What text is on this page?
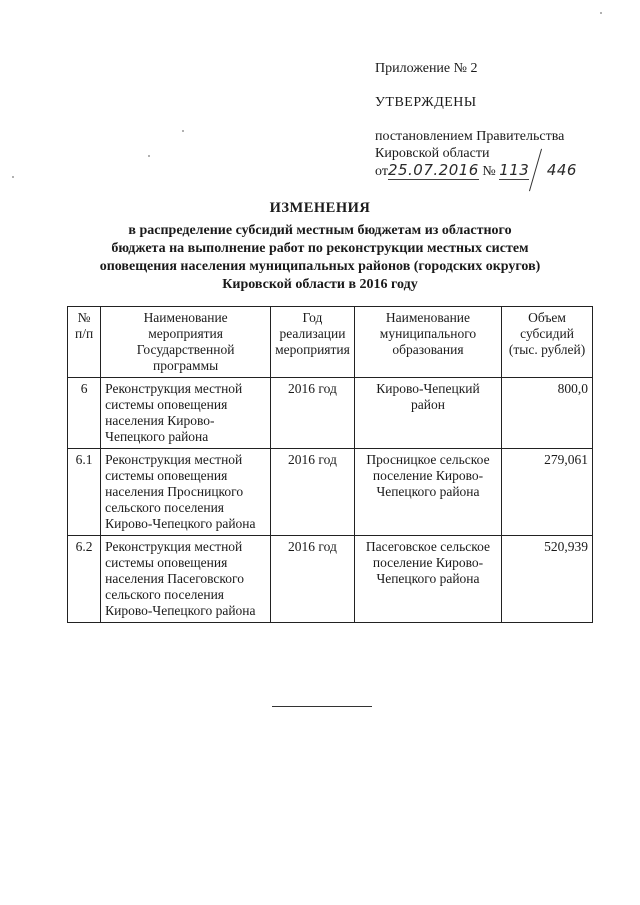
Приложение № 2
УТВЕРЖДЕНЫ
постановлением Правительства
Кировской области
от25.07.2016 № 113 446
ИЗМЕНЕНИЯ
в распределение субсидий местным бюджетам из областного
бюджета на выполнение работ по реконструкции местных систем
оповещения населения муниципальных районов (городских округов)
Кировской области в 2016 году
№ п/п	Наименование мероприятия Государственной программы	Год реализации мероприятия	Наименование муниципального образования	Объем субсидий (тыс. рублей)
6	Реконструкция местной системы оповещения населения Кирово-Чепецкого района	2016 год	Кирово-Чепецкий район	800,0
6.1	Реконструкция местной системы оповещения населения Просницкого сельского поселения Кирово-Чепецкого района	2016 год	Просницкое сельское поселение Кирово-Чепецкого района	279,061
6.2	Реконструкция местной системы оповещения населения Пасеговского сельского поселения Кирово-Чепецкого района	2016 год	Пасеговское сельское поселение Кирово-Чепецкого района	520,939
